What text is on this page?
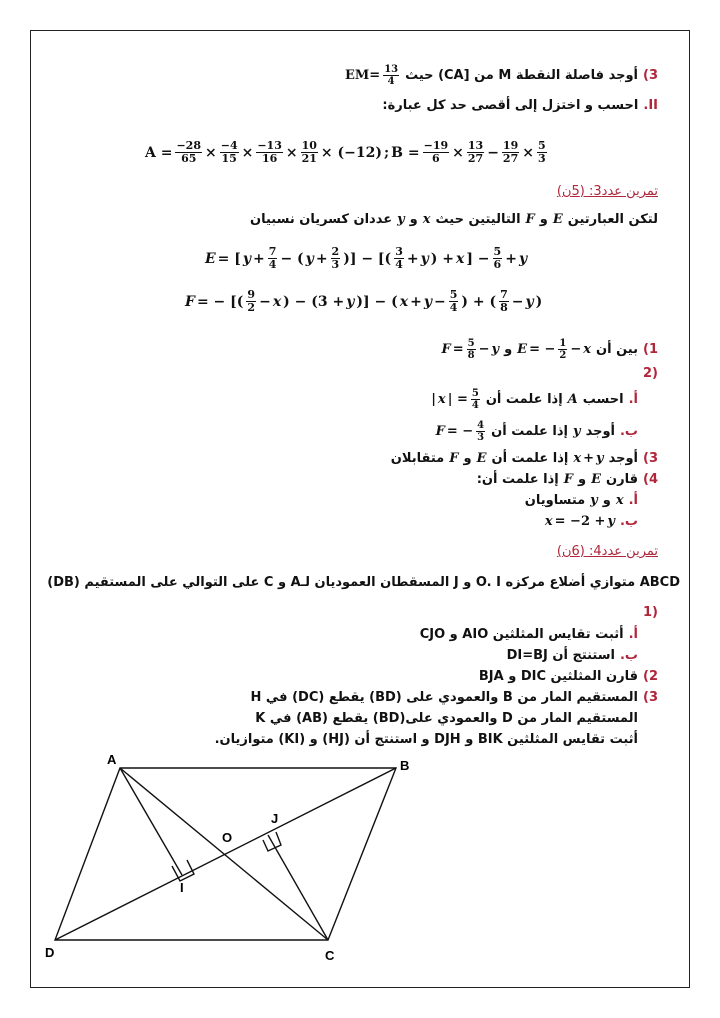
3)
أوجد فاصلة النقطة M من [CA) حيث
$EM= \frac{13}{4}$
II.
احسب و اختزل إلى أقصى حد كل عبارة:
$A = \frac{-28}{65} \times \frac{-4}{15} \times \frac{-13}{16} \times \frac{10}{21} \times (-12)$ ; $B = \frac{-19}{6} \times \frac{13}{27} - \frac{19}{27} \times \frac{5}{3}$
تمرين عدد3: (5ن)
لتكن العبارتين
E
و
F
التاليتين حيث
x
و
y
عددان كسريان نسبيان
E = [ $y + \frac{7}{4}$ − ( $y + \frac{2}{3}$ )] − [( $\frac{3}{4} + y$ ) + x ] − $\frac{5}{6} + y$
F = − [( $\frac{9}{2} - x$ ) − (3 + y )] − ( $x + y - \frac{5}{4}$ ) + ( $\frac{7}{8} - y$ )
1)
بين أن
E = − $\frac{1}{2} - x$
و
$F = \frac{5}{8} - y$
(2
أ.
احسب
A
إذا علمت أن
| x | = $\frac{5}{4}$
ب.
أوجد
y
إذا علمت أن
F = − $\frac{4}{3}$
3)
أوجد
x + y
إذا علمت أن
E
و
F
متقابلان
4)
قارن
E
و
F
إذا علمت أن:
أ.
x
و
y
متساويان
ب.
x = −2 + y
تمرين عدد4: (6ن)
ABCD متوازي أضلاع مركزه O. I و J المسقطان العموديان لـA و C على التوالي على المستقيم (DB)
(1
أ.
أثبت تقايس المثلثين AIO و CJO
ب.
استنتج أن DI=BJ
2)
قارن المثلثين DIC و BJA
3)
المستقيم المار من B والعمودي على (BD) يقطع (DC) في H
المستقيم المار من D والعمودي على(BD) يقطع (AB) في K
أثبت تقايس المثلثين BIK و DJH و استنتج أن (HJ) و (KI) متوازيان.
A	B
C
D
O
I
J
